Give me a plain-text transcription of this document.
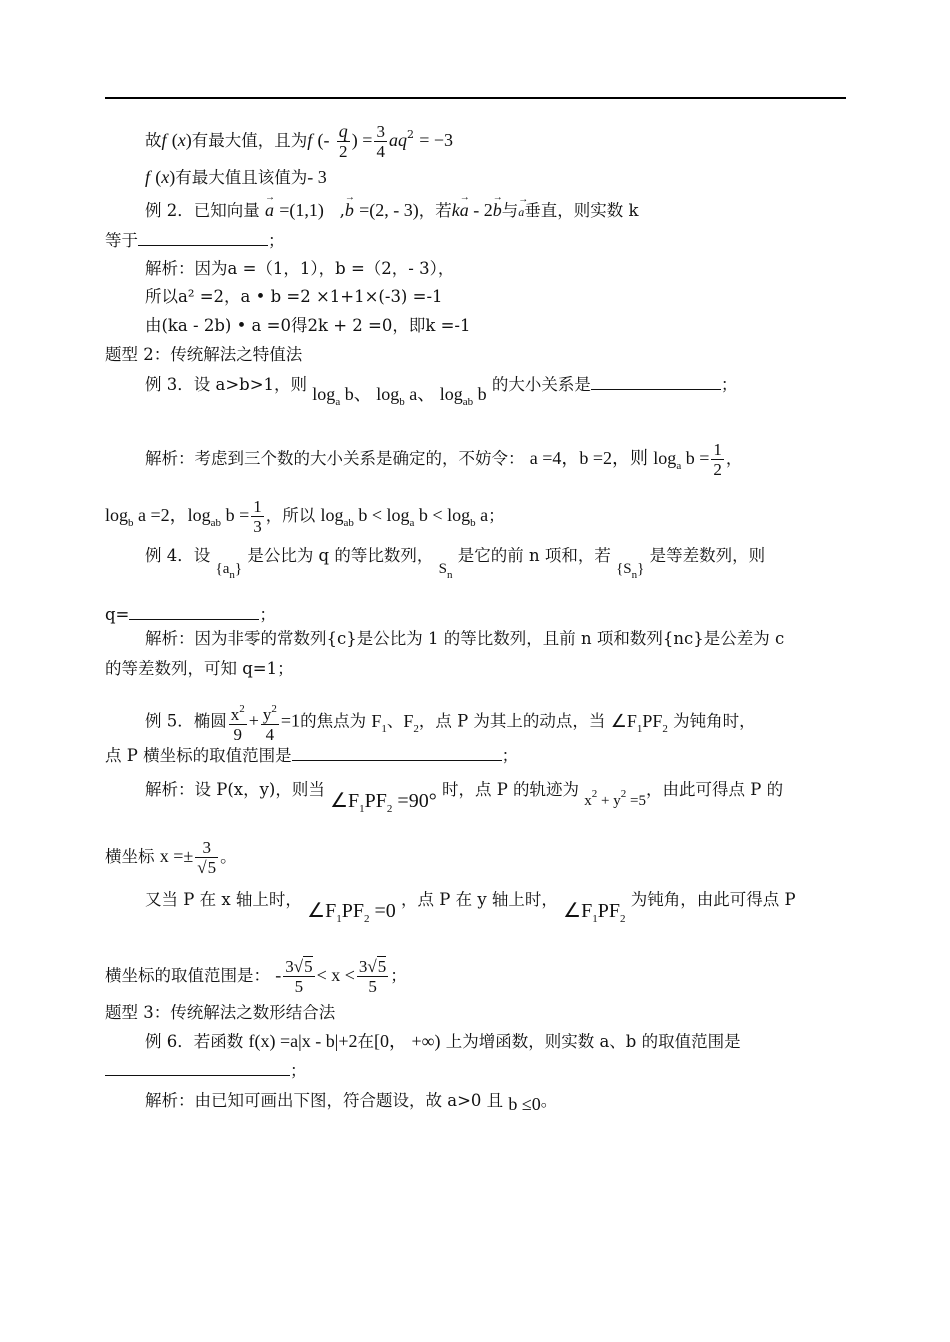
故f (x)有最大值，且为f (- $\frac{q}{2}$ ) = $\frac{3}{4} aq^2 = -3$
f (x)有最大值且该值为- 3
例 2．已知向量 → a =(1,1)   ,→ b =(2, - 3)，若k→ a - 2→ b与→ a垂直，则实数 k
等于	；
解析：因为a =（1，1），b =（2，- 3），
所以a² =2，a • b =2 ×1+1×(-3) =-1
由(ka - 2b) • a =0得2k + 2 =0，即k =-1
题型 2：传统解法之特值法
例 3．设 a>b>1，则 $\log_a b$、 $\log_b a$、 $\log_{ab} b$ 的大小关系是	；
解析：考虑到三个数的大小关系是确定的，不妨令： a =4，b =2，则 $\log_a b = \frac{1}{2}$ ，
$\log_b a =2$，$\log_{ab} b = \frac{1}{3}$ ，所以 $\log_{ab} b < \log_a b < \log_b a$；
例 4．设 $\{a_n\}$ 是公比为 q 的等比数列， $S_n$ 是它的前 n 项和，若 $\{S_n\}$ 是等差数列，则
q=	；
解析：因为非零的常数列{c}是公比为 1 的等比数列，且前 n 项和数列{nc}是公差为 c
的等差数列，可知 q=1；
例 5．椭圆 $\frac{x^2}{9} + \frac{y^2}{4} =1$的焦点为 $F_1$、$F_2$，点 P 为其上的动点，当 $\angle F_1PF_2$ 为钝角时，
点 P 横坐标的取值范围是	；
解析：设 P(x，y)，则当 $\angle F_1PF_2 =90^\circ$ 时，点 P 的轨迹为 $x^2 + y^2 =5$，由此可得点 P 的
横坐标 $x =\pm \frac{3}{√5}$ 。
又当 P 在 x 轴上时， $\angle F_1PF_2 =0$ ，点 P 在 y 轴上时， $\angle F_1PF_2$ 为钝角，由此可得点 P
横坐标的取值范围是： - $\frac{3√5}{5} < x < \frac{3√5}{5}$ ；
题型 3：传统解法之数形结合法
例 6．若函数 f(x) =a|x - b|+2在[0， +∞) 上为增函数，则实数 a、b 的取值范围是
；
解析：由已知可画出下图，符合题设，故 a>0 且 b ≤0。
